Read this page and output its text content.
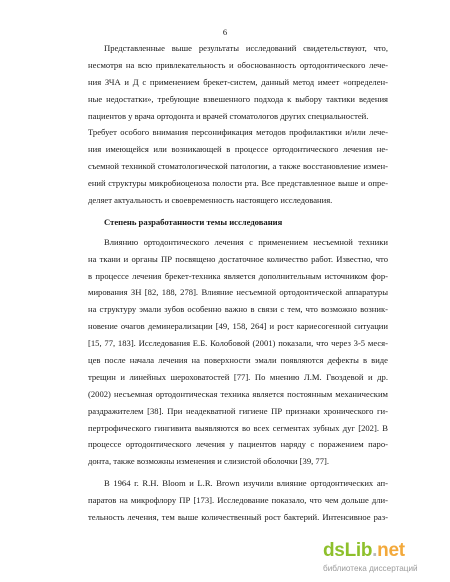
6
Представленные выше результаты исследований свидетельствуют, что,
несмотря на всю привлекательность и обоснованность ортодонтического лече-
ния ЗЧА и Д с применением брекет-систем, данный метод имеет «определен-
ные недостатки», требующие взвешенного подхода к выбору тактики ведения
пациентов у врача ортодонта и врачей стоматологов других специальностей.
Требует особого внимания персонификация методов профилактики и/или лече-
ния имеющейся или возникающей в процессе ортодонтического лечения не-
съемной техникой стоматологической патологии, а также восстановление измен-
ений структуры микробиоценоза полости рта. Все представленное выше и опре-
деляет актуальность и своевременность настоящего исследования.
Степень разработанности темы исследования
Влиянию ортодонтического лечения с применением несъемной техники
на ткани и органы ПР посвящено достаточное количество работ. Известно, что
в процессе лечения брекет-техника является дополнительным источником фор-
мирования ЗН [82, 188, 278]. Влияние несъемной ортодонтической аппаратуры
на структуру эмали зубов особенно важно в связи с тем, что возможно возник-
новение очагов деминерализации [49, 158, 264] и рост кариесогенной ситуации
[15, 77, 183]. Исследования Е.Б. Колобовой (2001) показали, что через 3-5 меся-
цев после начала лечения на поверхности эмали появляются дефекты в виде
трещин и линейных шероховатостей [77]. По мнению Л.М. Гвоздевой и др.
(2002) несъемная ортодонтическая техника является постоянным механическим
раздражителем [38]. При неадекватной гигиене ПР признаки хронического ги-
пертрофического гингивита выявляются во всех сегментах зубных дуг [202]. В
процессе ортодонтического лечения у пациентов наряду с поражением паро-
донта, также возможны изменения и слизистой оболочки [39, 77].
В 1964 г. R.H. Bloom и L.R. Brown изучили влияние ортодонтических ап-
паратов на микрофлору ПР [173]. Исследование показало, что чем дольше дли-
тельность лечения, тем выше количественный рост бактерий. Интенсивное раз-
dsLib.net
библиотека диссертаций
